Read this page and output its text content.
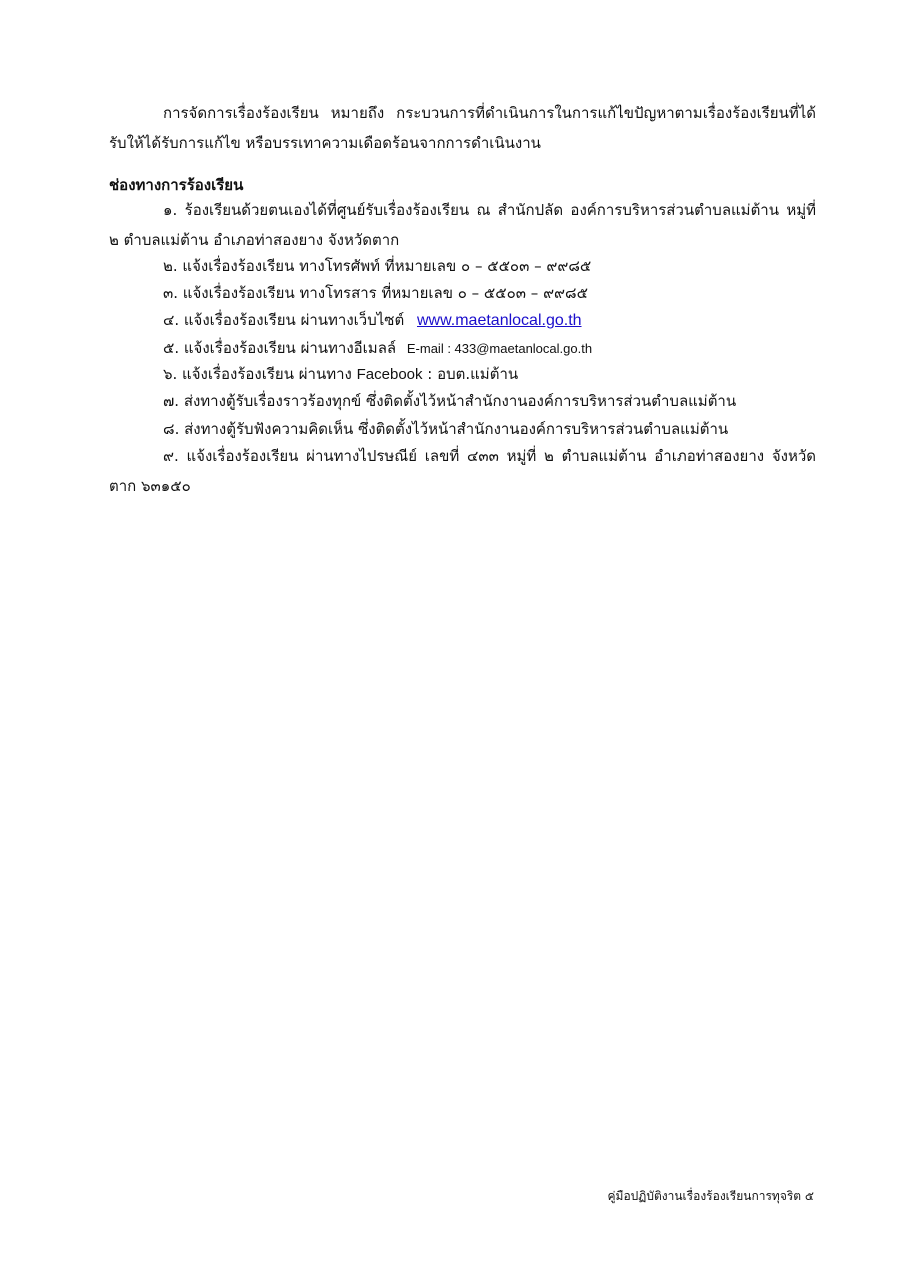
การจัดการเรื่องร้องเรียน หมายถึง กระบวนการที่ดำเนินการในการแก้ไขปัญหาตามเรื่องร้องเรียนที่ได้รับให้ได้รับการแก้ไข หรือบรรเทาความเดือดร้อนจากการดำเนินงาน

ช่องทางการร้องเรียน

๑. ร้องเรียนด้วยตนเองได้ที่ศูนย์รับเรื่องร้องเรียน ณ สำนักปลัด องค์การบริหารส่วนตำบลแม่ต้าน หมู่ที่ ๒ ตำบลแม่ต้าน อำเภอท่าสองยาง จังหวัดตาก

๒. แจ้งเรื่องร้องเรียน ทางโทรศัพท์ ที่หมายเลข ๐ – ๕๕๐๓ – ๙๙๘๕
๓. แจ้งเรื่องร้องเรียน ทางโทรสาร ที่หมายเลข ๐ – ๕๕๐๓ – ๙๙๘๕
๔. แจ้งเรื่องร้องเรียน ผ่านทางเว็บไซต์ www.maetanlocal.go.th
๕. แจ้งเรื่องร้องเรียน ผ่านทางอีเมลล์ E-mail : 433@maetanlocal.go.th
๖. แจ้งเรื่องร้องเรียน ผ่านทาง Facebook : อบต.แม่ต้าน
๗. ส่งทางตู้รับเรื่องราวร้องทุกข์ ซึ่งติดตั้งไว้หน้าสำนักงานองค์การบริหารส่วนตำบลแม่ต้าน
๘. ส่งทางตู้รับฟังความคิดเห็น ซึ่งติดตั้งไว้หน้าสำนักงานองค์การบริหารส่วนตำบลแม่ต้าน

๙. แจ้งเรื่องร้องเรียน ผ่านทางไปรษณีย์ เลขที่ ๔๓๓ หมู่ที่ ๒ ตำบลแม่ต้าน อำเภอท่าสองยาง จังหวัดตาก ๖๓๑๕๐

คู่มือปฏิบัติงานเรื่องร้องเรียนการทุจริต ๕
